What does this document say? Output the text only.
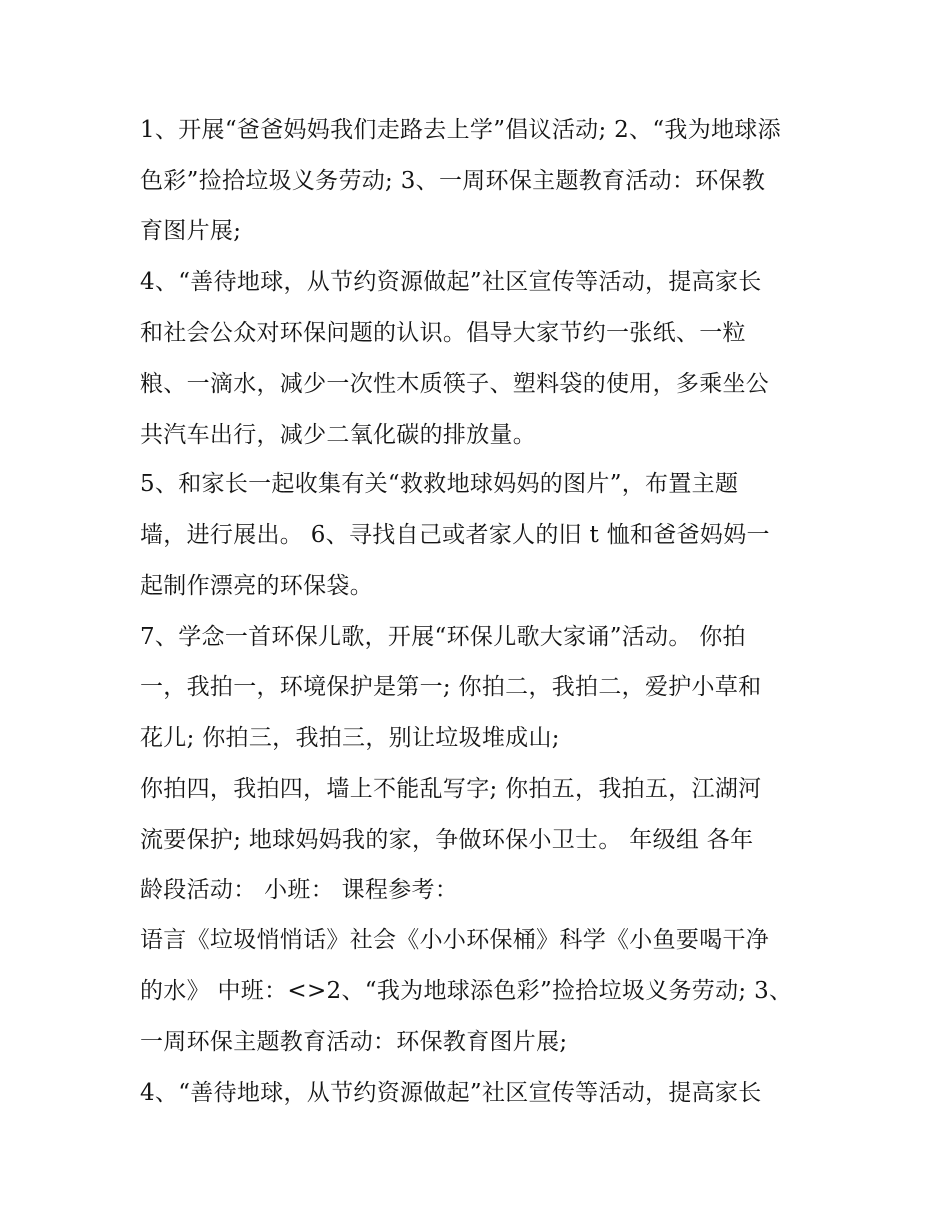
1、开展“爸爸妈妈我们走路去上学”倡议活动; 2、“我为地球添
色彩”捡拾垃圾义务劳动; 3、一周环保主题教育活动：环保教
育图片展;
4、“善待地球，从节约资源做起”社区宣传等活动，提高家长
和社会公众对环保问题的认识。倡导大家节约一张纸、一粒
粮、一滴水，减少一次性木质筷子、塑料袋的使用，多乘坐公
共汽车出行，减少二氧化碳的排放量。
5、和家长一起收集有关“救救地球妈妈的图片”，布置主题
墙，进行展出。 6、寻找自己或者家人的旧 t 恤和爸爸妈妈一
起制作漂亮的环保袋。
7、学念一首环保儿歌，开展“环保儿歌大家诵”活动。 你拍
一，我拍一，环境保护是第一; 你拍二，我拍二，爱护小草和
花儿; 你拍三，我拍三，别让垃圾堆成山;
你拍四，我拍四，墙上不能乱写字; 你拍五，我拍五，江湖河
流要保护; 地球妈妈我的家，争做环保小卫士。 年级组 各年
龄段活动： 小班： 课程参考：
语言《垃圾悄悄话》社会《小小环保桶》科学《小鱼要喝干净
的水》 中班：<>2、“我为地球添色彩”捡拾垃圾义务劳动; 3、
一周环保主题教育活动：环保教育图片展;
4、“善待地球，从节约资源做起”社区宣传等活动，提高家长
